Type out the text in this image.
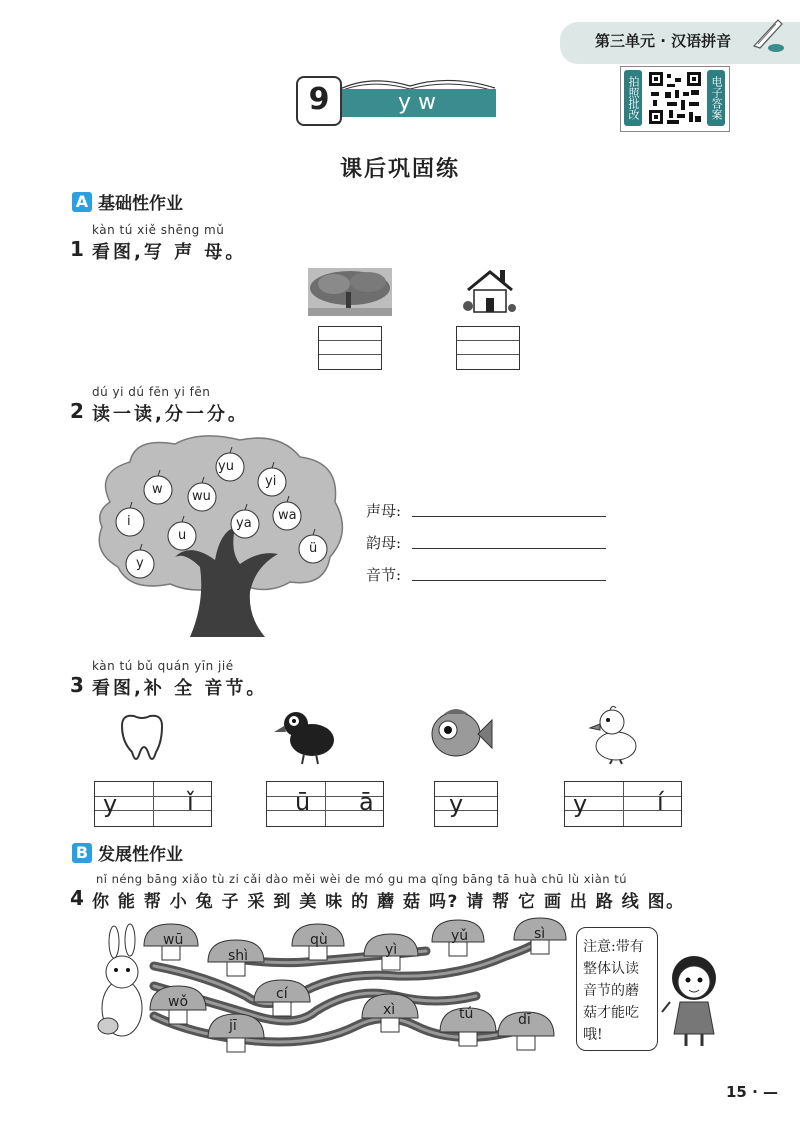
第三单元 · 汉语拼音
拍照批改	电子答案
y w
9
课后巩固练
A 基础性作业
kàn tú xiě shēng mǔ
1 看图,写 声 母。
dú yi dú fēn yi fēn
2 读一读,分一分。
yu
w wu
yi
i	ya
wa
u
ü
y
声母:
韵母:
音节:
kàn tú bǔ quán yīn jié
3 看图,补 全 音节。
y	ǐ	ū ā	y	y	í
B 发展性作业
nǐ néng bāng xiǎo tù zi cǎi dào měi wèi de mó gu ma qǐng bāng tā huà chū lù xiàn tú
4 你 能 帮 小 兔 子 采 到 美 味 的 蘑 菇 吗? 请 帮 它 画 出 路 线 图。
wū
shì
qù
yì
yǔ	sì
wǒ	cí
jī
xì	tú	dī
注意:带有整体认读音节的蘑菇才能吃哦!
15 · —
